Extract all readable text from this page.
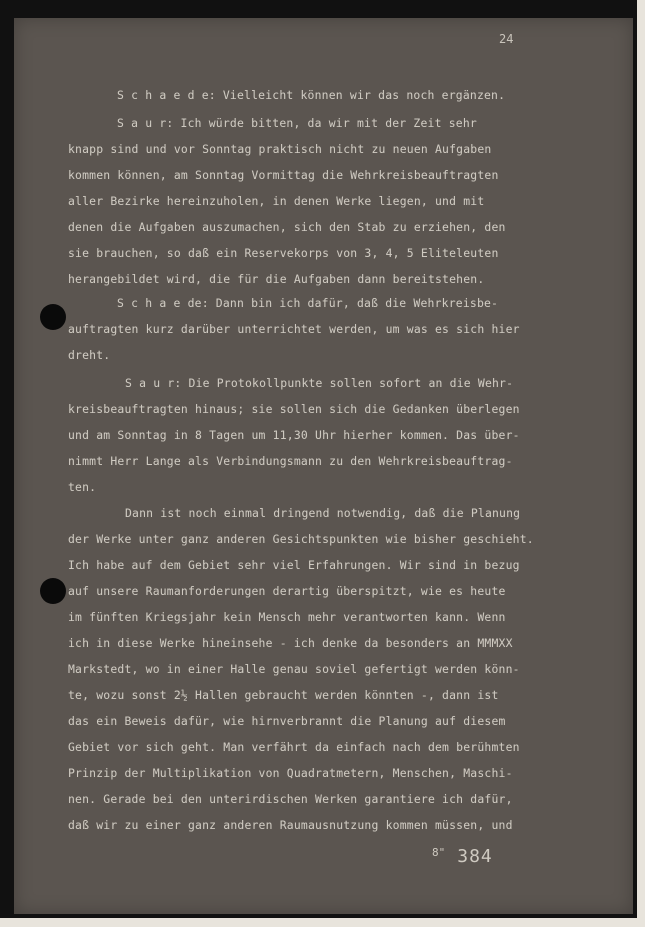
24
S c h a e d e: Vielleicht können wir das noch ergänzen.
S a u r: Ich würde bitten, da wir mit der Zeit sehr
knapp sind und vor Sonntag praktisch nicht zu neuen Aufgaben
kommen können, am Sonntag Vormittag die Wehrkreisbeauftragten
aller Bezirke hereinzuholen, in denen Werke liegen, und mit
denen die Aufgaben auszumachen, sich den Stab zu erziehen, den
sie brauchen, so daß ein Reservekorps von 3, 4, 5 Eliteleuten
herangebildet wird, die für die Aufgaben dann bereitstehen.
S c h a e de: Dann bin ich dafür, daß die Wehrkreisbe-
auftragten kurz darüber unterrichtet werden, um was es sich hier
dreht.
S a u r: Die Protokollpunkte sollen sofort an die Wehr-
kreisbeauftragten hinaus; sie sollen sich die Gedanken überlegen
und am Sonntag in 8 Tagen um 11,30 Uhr hierher kommen. Das über-
nimmt Herr Lange als Verbindungsmann zu den Wehrkreisbeauftrag-
ten.
Dann ist noch einmal dringend notwendig, daß die Planung
der Werke unter ganz anderen Gesichtspunkten wie bisher geschieht.
Ich habe auf dem Gebiet sehr viel Erfahrungen. Wir sind in bezug
auf unsere Raumanforderungen derartig überspitzt, wie es heute
im fünften Kriegsjahr kein Mensch mehr verantworten kann. Wenn
ich in diese Werke hineinsehe - ich denke da besonders an MMMXX
Markstedt, wo in einer Halle genau soviel gefertigt werden könn-
te, wozu sonst 2½ Hallen gebraucht werden könnten -, dann ist
das ein Beweis dafür, wie hirnverbrannt die Planung auf diesem
Gebiet vor sich geht. Man verfährt da einfach nach dem berühmten
Prinzip der Multiplikation von Quadratmetern, Menschen, Maschi-
nen. Gerade bei den unterirdischen Werken garantiere ich dafür,
daß wir zu einer ganz anderen Raumausnutzung kommen müssen, und
$^{8"}$ 384
